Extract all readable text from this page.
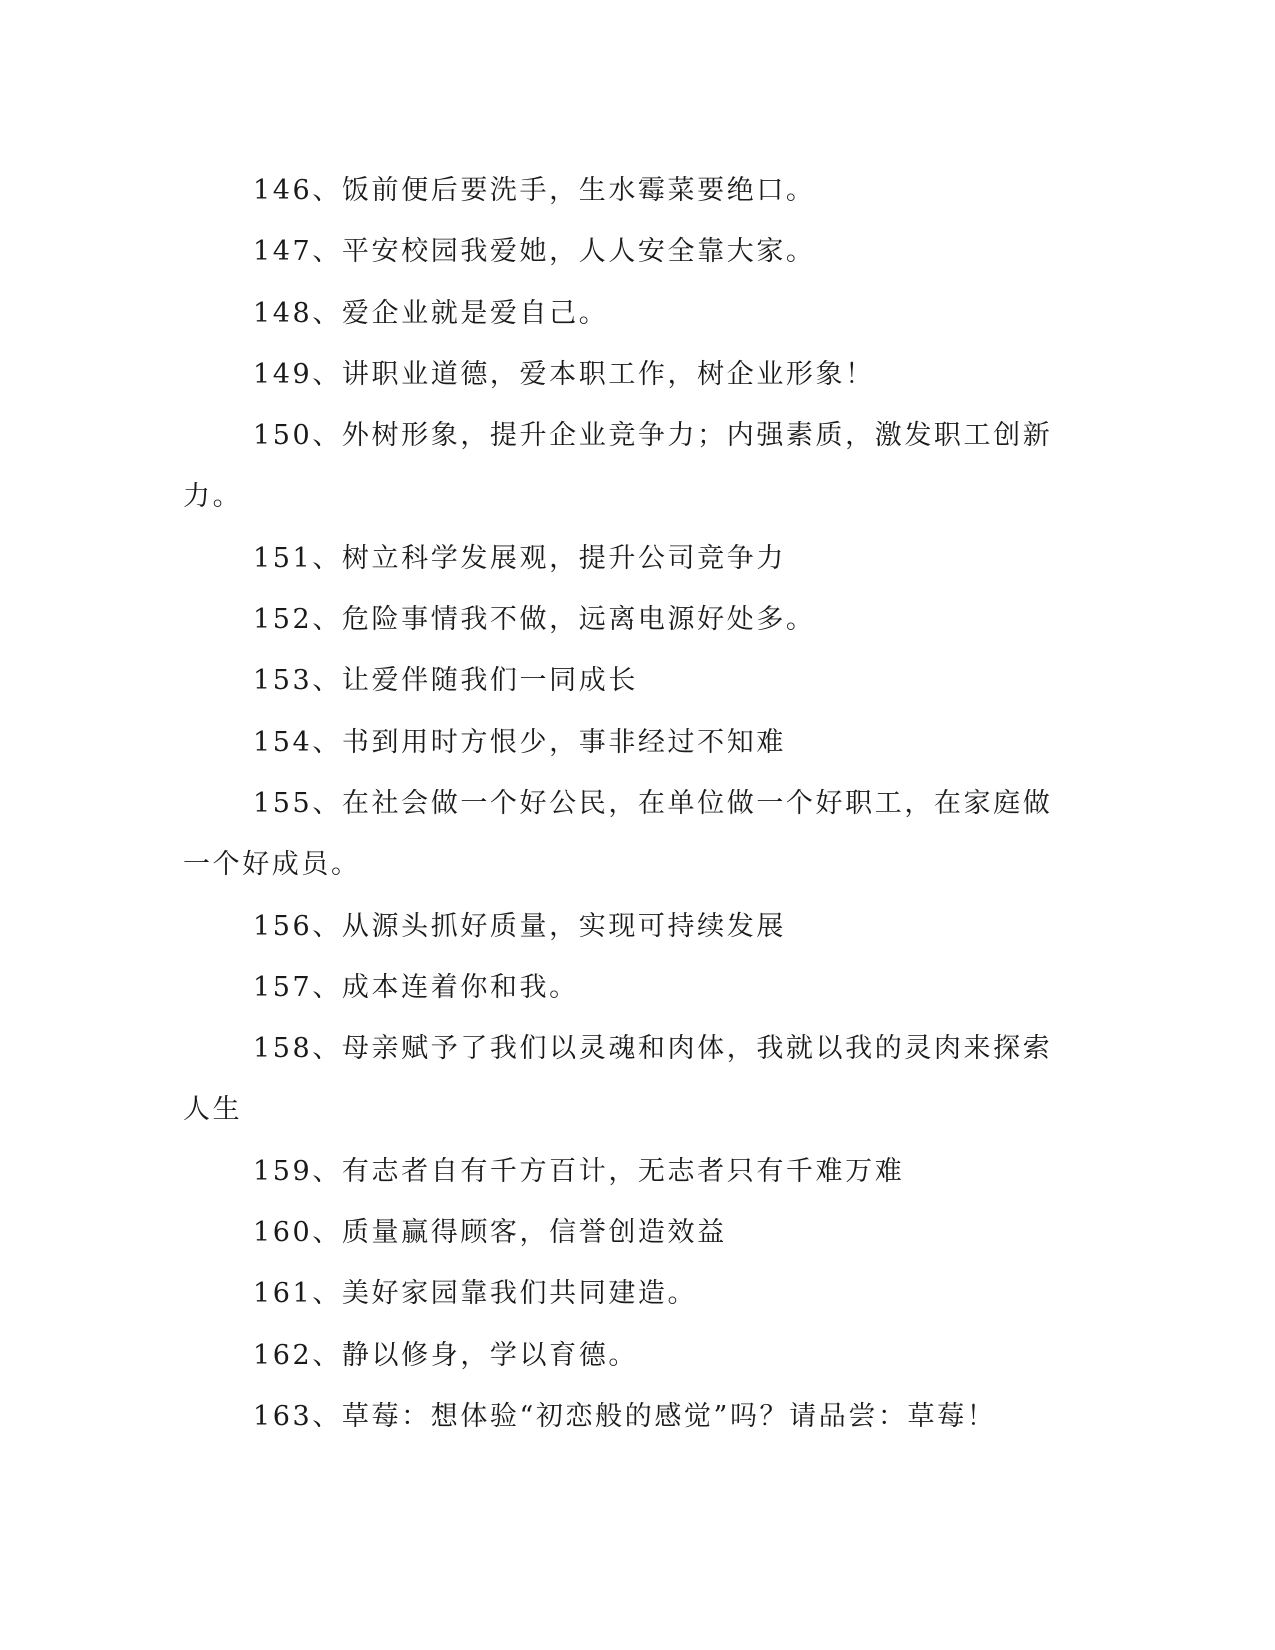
146、饭前便后要洗手，生水霉菜要绝口。

147、平安校园我爱她，人人安全靠大家。

148、爱企业就是爱自己。

149、讲职业道德，爱本职工作，树企业形象！

150、外树形象，提升企业竞争力；内强素质，激发职工创新力。

151、树立科学发展观，提升公司竞争力

152、危险事情我不做，远离电源好处多。

153、让爱伴随我们一同成长

154、书到用时方恨少，事非经过不知难

155、在社会做一个好公民，在单位做一个好职工，在家庭做一个好成员。

156、从源头抓好质量，实现可持续发展

157、成本连着你和我。

158、母亲赋予了我们以灵魂和肉体，我就以我的灵肉来探索人生

159、有志者自有千方百计，无志者只有千难万难

160、质量赢得顾客，信誉创造效益

161、美好家园靠我们共同建造。

162、静以修身，学以育德。

163、草莓：想体验“初恋般的感觉”吗？请品尝：草莓！
